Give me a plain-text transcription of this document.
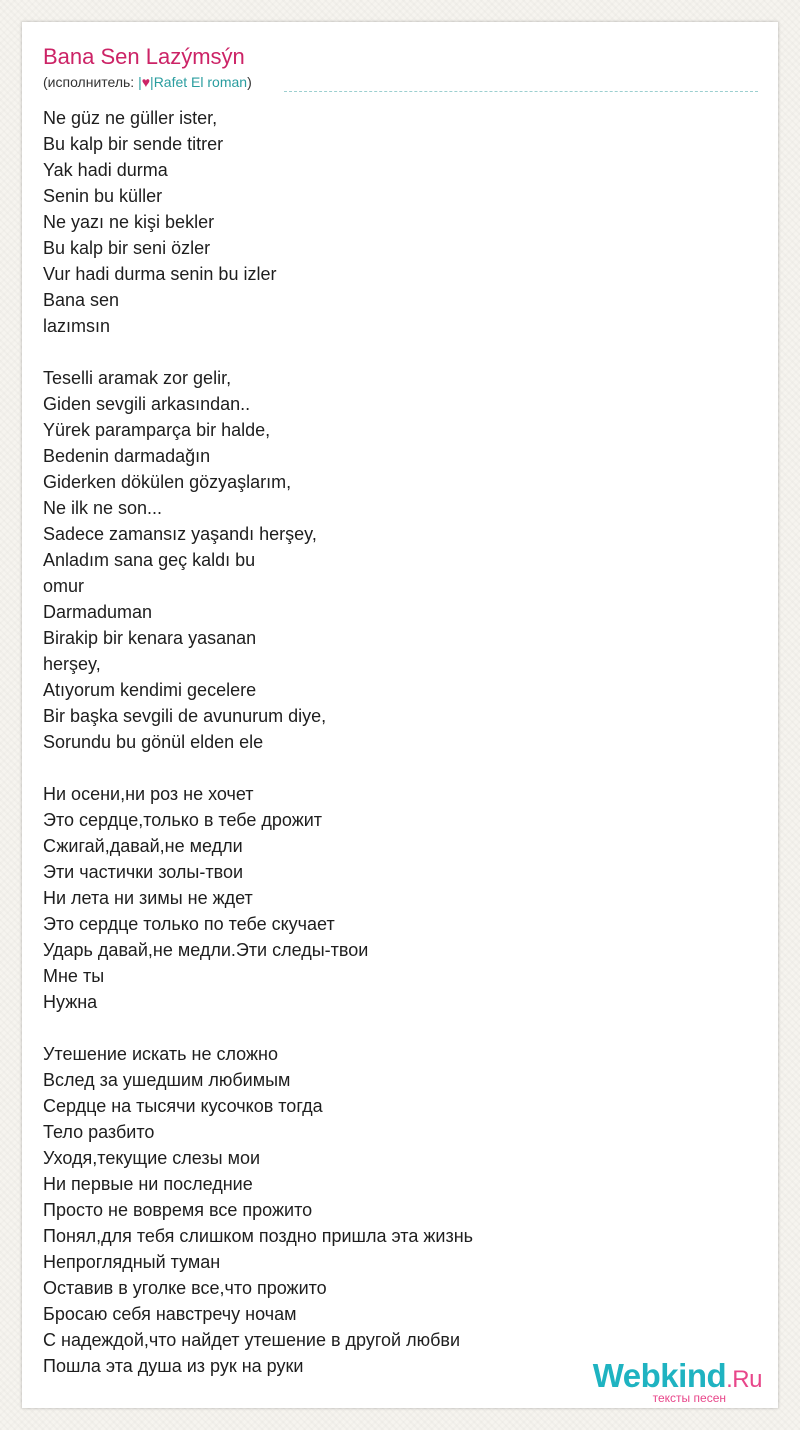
Bana Sen Lazýmsýn
(исполнитель: |♥|Rafet El roman)
Ne güz ne güller ister,
Bu kalp bir sende titrer
Yak hadi durma
Senin bu küller
Ne yazı ne kişi bekler
Bu kalp bir seni özler
Vur hadi durma senin bu izler
Bana sen
lazımsın
Teselli aramak zor gelir,
Giden sevgili arkasından..
Yürek paramparça bir halde,
Bedenin darmadağın
Giderken dökülen gözyaşlarım,
Ne ilk ne son...
Sadece zamansız yaşandı herşey,
Anladım sana geç kaldı bu
omur
Darmaduman
Birakip bir kenara yasanan
herşey,
Atıyorum kendimi gecelere
Bir başka sevgili de avunurum diye,
Sorundu bu gönül elden ele
Ни осени,ни роз не хочет
Это сердце,только в тебе дрожит
Сжигай,давай,не медли
Эти частички золы-твои
Ни лета ни зимы не ждет
Это сердце только по тебе скучает
Ударь давай,не медли.Эти следы-твои
Мне ты
Нужна
Утешение искать не сложно
Вслед за ушедшим любимым
Сердце на тысячи кусочков тогда
Тело разбито
Уходя,текущие слезы мои
Ни первые ни последние
Просто не вовремя все прожито
Понял,для тебя слишком поздно пришла эта жизнь
Непроглядный туман
Оставив в уголке все,что прожито
Бросаю себя навстречу ночам
С надеждой,что найдет утешение в другой любви
Пошла эта душа из рук на руки	Webkind.Ru
тексты песен
